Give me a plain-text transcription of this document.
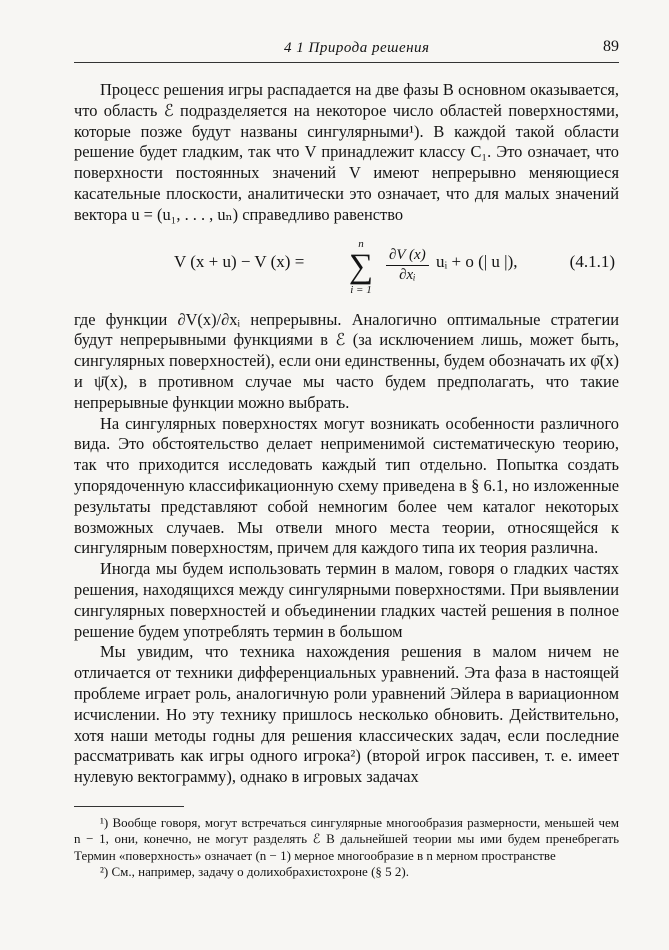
4 1 Природа решения	89

Процесс решения игры распадается на две фазы В основном оказывается, что область ℰ подразделяется на некоторое число областей поверхностями, которые позже будут названы сингулярными¹). В каждой такой области решение будет гладким, так что V принадлежит классу C₁. Это означает, что поверхности постоянных значений V имеют непрерывно меняющиеся касательные плоскости, аналитически это означает, что для малых значений вектора u = (u₁, . . . , uₙ) справедливо равенство

V (x + u) − V (x) =
n
∑
i = 1
$\frac{\partial V (x)}{\text{∂xᵢ}}$ uᵢ + o (| u |),	(4.1.1)

где функции ∂V(x)/∂xᵢ непрерывны. Аналогично оптимальные стратегии будут непрерывными функциями в ℰ (за исключением лишь, может быть, сингулярных поверхностей), если они единственны, будем обозначать их φ̄(x) и ψ̄(x), в противном случае мы часто будем предполагать, что такие непрерывные функции можно выбрать.

На сингулярных поверхностях могут возникать особенности различного вида. Это обстоятельство делает неприменимой систематическую теорию, так что приходится исследовать каждый тип отдельно. Попытка создать упорядоченную классификационную схему приведена в § 6.1, но изложенные результаты представляют собой немногим более чем каталог некоторых возможных случаев. Мы отвели много места теории, относящейся к сингулярным поверхностям, причем для каждого типа их теория различна.

Иногда мы будем использовать термин в малом, говоря о гладких частях решения, находящихся между сингулярными поверхностями. При выявлении сингулярных поверхностей и объединении гладких частей решения в полное решение будем употреблять термин в большом

Мы увидим, что техника нахождения решения в малом ничем не отличается от техники дифференциальных уравнений. Эта фаза в настоящей проблеме играет роль, аналогичную роли уравнений Эйлера в вариационном исчислении. Но эту технику пришлось несколько обновить. Действительно, хотя наши методы годны для решения классических задач, если последние рассматривать как игры одного игрока²) (второй игрок пассивен, т. е. имеет нулевую вектограмму), однако в игровых задачах

¹) Вообще говоря, могут встречаться сингулярные многообразия размерности, меньшей чем n − 1, они, конечно, не могут разделять ℰ В дальнейшей теории мы ими будем пренебрегать Термин «поверхность» означает (n − 1) мерное многообразие в n мерном пространстве

²) См., например, задачу о долихобрахистохроне (§ 5 2).
